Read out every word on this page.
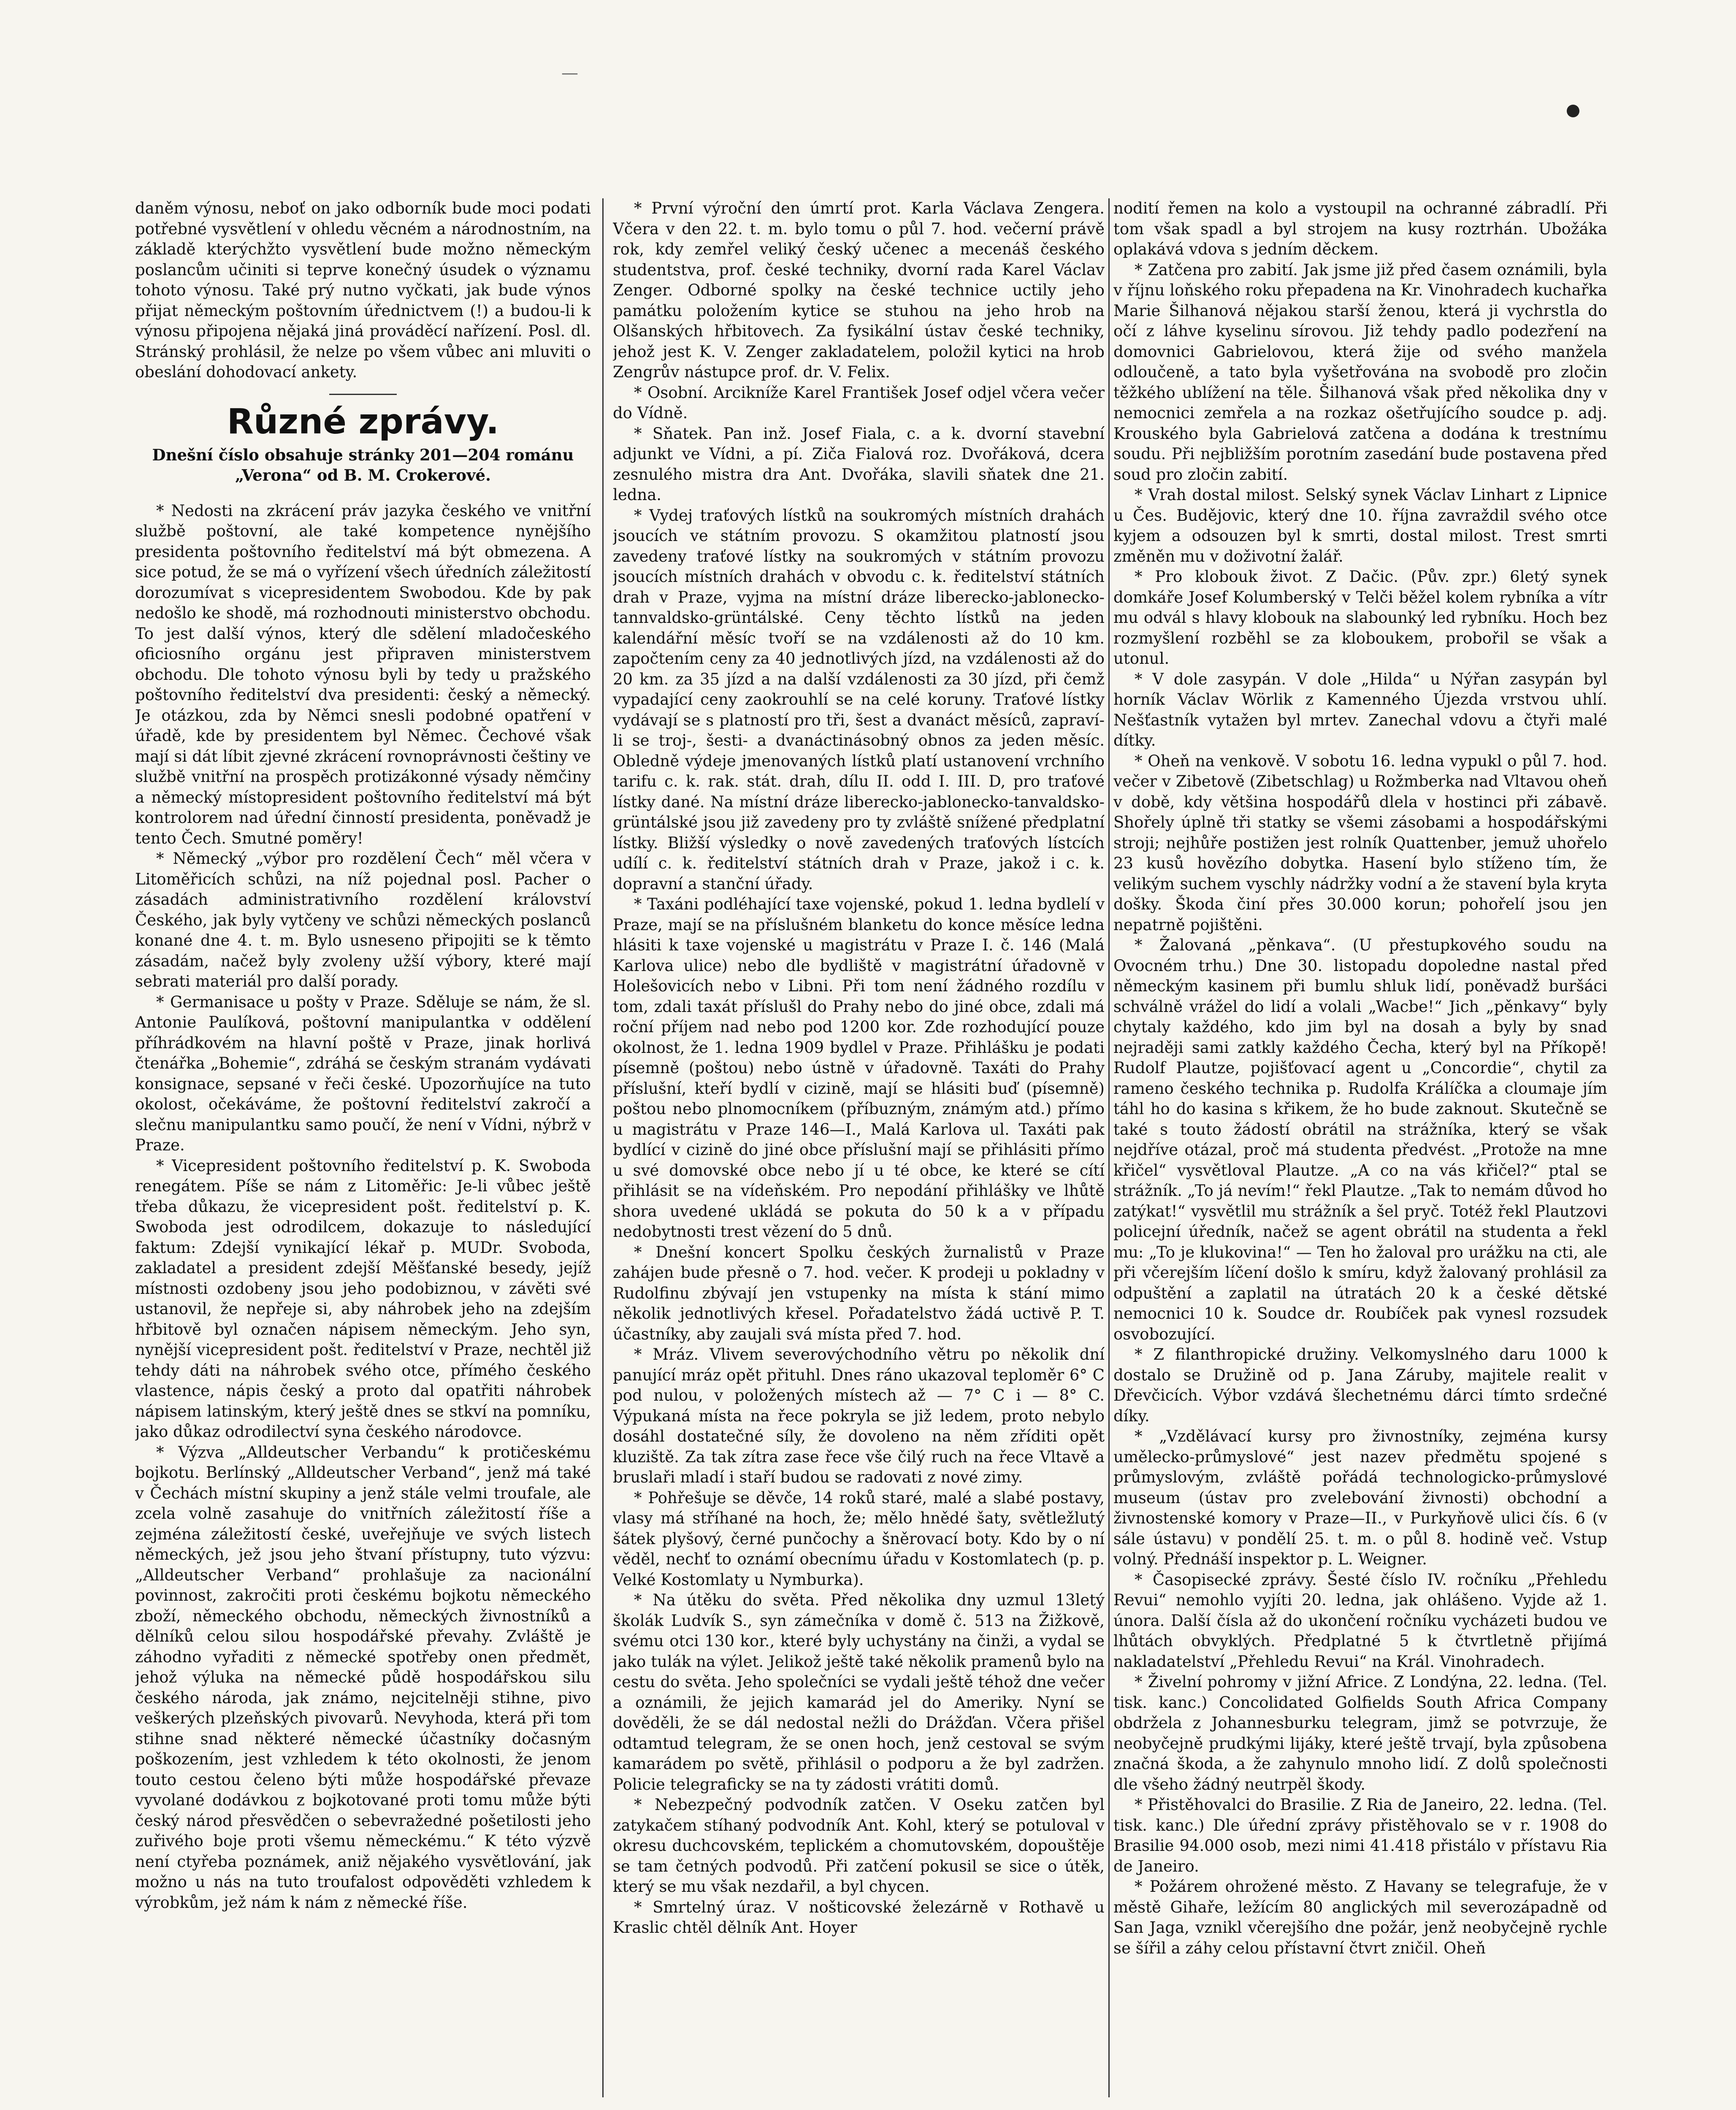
—

daněm výnosu, neboť on jako odborník bude moci podati potřebné vysvětlení v ohledu věcném a národnostním, na základě kterýchžto vysvětlení bude možno německým poslancům učiniti si teprve konečný úsudek o významu tohoto výnosu. Také prý nutno vyčkati, jak bude výnos přijat německým poštovním úřednictvem (!) a budou-li k výnosu připojena nějaká jiná prováděcí nařízení. Posl. dl. Stránský prohlásil, že nelze po všem vůbec ani mluviti o obeslání dohodovací ankety.

Různé zprávy.

Dnešní číslo obsahuje stránky 201—204 románu „Verona“ od B. M. Crokerové.

* Nedosti na zkrácení práv jazyka českého ve vnitřní službě poštovní, ale také kompetence nynějšího presidenta poštovního ředitelství má být obmezena. A sice potud, že se má o vyřízení všech úředních záležitostí dorozumívat s vicepresidentem Swobodou. Kde by pak nedošlo ke shodě, má rozhodnouti ministerstvo obchodu. To jest další výnos, který dle sdělení mladočeského oficiosního orgánu jest připraven ministerstvem obchodu. Dle tohoto výnosu byli by tedy u pražského poštovního ředitelství dva presidenti: český a německý. Je otázkou, zda by Němci snesli podobné opatření v úřadě, kde by presidentem byl Němec. Čechové však mají si dát líbit zjevné zkrácení rovnoprávnosti češtiny ve službě vnitřní na prospěch protizákonné výsady němčiny a německý místopresident poštovního ředitelství má být kontrolorem nad úřední činností presidenta, poněvadž je tento Čech. Smutné poměry!

* Německý „výbor pro rozdělení Čech“ měl včera v Litoměřicích schůzi, na níž pojednal posl. Pacher o zásadách administrativního rozdělení království Českého, jak byly vytčeny ve schůzi německých poslanců konané dne 4. t. m. Bylo usneseno připojiti se k těmto zásadám, načež byly zvoleny užší výbory, které mají sebrati materiál pro další porady.

* Germanisace u pošty v Praze. Sděluje se nám, že sl. Antonie Paulíková, poštovní manipulantka v oddělení příhrádkovém na hlavní poště v Praze, jinak horlivá čtenářka „Bohemie“, zdráhá se českým stranám vydávati konsignace, sepsané v řeči české. Upozorňujíce na tuto okolost, očekáváme, že poštovní ředitelství zakročí a slečnu manipulantku samo poučí, že není v Vídni, nýbrž v Praze.

* Vicepresident poštovního ředitelství p. K. Swoboda renegátem. Píše se nám z Litoměřic: Je-li vůbec ještě třeba důkazu, že vicepresident pošt. ředitelství p. K. Swoboda jest odrodilcem, dokazuje to následující faktum: Zdejší vynikající lékař p. MUDr. Svoboda, zakladatel a president zdejší Měšťanské besedy, jejíž místnosti ozdobeny jsou jeho podobiznou, v závěti své ustanovil, že nepřeje si, aby náhrobek jeho na zdejším hřbitově byl označen nápisem německým. Jeho syn, nynější vicepresident pošt. ředitelství v Praze, nechtěl již tehdy dáti na náhrobek svého otce, přímého českého vlastence, nápis český a proto dal opatřiti náhrobek nápisem latinským, který ještě dnes se stkví na pomníku, jako důkaz odrodilectví syna českého národovce.

* Výzva „Alldeutscher Verbandu“ k protičeskému bojkotu. Berlínský „Alldeutscher Verband“, jenž má také v Čechách místní skupiny a jenž stále velmi troufale, ale zcela volně zasahuje do vnitřních záležitostí říše a zejména záležitostí české, uveřejňuje ve svých listech německých, jež jsou jeho štvaní přístupny, tuto výzvu: „Alldeutscher Verband“ prohlašuje za nacionální povinnost, zakročiti proti českému bojkotu německého zboží, německého obchodu, německých živnostníků a dělníků celou silou hospodářské převahy. Zvláště je záhodno vyřaditi z německé spotřeby onen předmět, jehož výluka na německé půdě hospodářskou silu českého národa, jak známo, nejcitelněji stihne, pivo veškerých plzeňských pivovarů. Nevyhoda, která při tom stihne snad některé německé účastníky dočasným poškozením, jest vzhledem k této okolnosti, že jenom touto cestou čeleno býti může hospodářské převaze vyvolané dodávkou z bojkotované proti tomu může býti český národ přesvědčen o sebevražedné pošetilosti jeho zuřivého boje proti všemu německému.“ K této výzvě není ctyřeba poznámek, aniž nějakého vysvětlování, jak možno u nás na tuto troufalost odpověděti vzhledem k výrobkům, jež nám k nám z německé říše.

* První výroční den úmrtí prot. Karla Václava Zengera. Včera v den 22. t. m. bylo tomu o půl 7. hod. večerní právě rok, kdy zemřel veliký český učenec a mecenáš českého studentstva, prof. české techniky, dvorní rada Karel Václav Zenger. Odborné spolky na české technice uctily jeho památku položením kytice se stuhou na jeho hrob na Olšanských hřbitovech. Za fysikální ústav české techniky, jehož jest K. V. Zenger zakladatelem, položil kytici na hrob Zengrův nástupce prof. dr. V. Felix.

* Osobní. Arcikníže Karel František Josef odjel včera večer do Vídně.

* Sňatek. Pan inž. Josef Fiala, c. a k. dvorní stavební adjunkt ve Vídni, a pí. Ziča Fialová roz. Dvořáková, dcera zesnulého mistra dra Ant. Dvořáka, slavili sňatek dne 21. ledna.

* Vydej traťových lístků na soukromých místních drahách jsoucích ve státním provozu. S okamžitou platností jsou zavedeny traťové lístky na soukromých v státním provozu jsoucích místních drahách v obvodu c. k. ředitelství státních drah v Praze, vyjma na místní dráze liberecko-jablonecko-tannvaldsko-grüntálské. Ceny těchto lístků na jeden kalendářní měsíc tvoří se na vzdálenosti až do 10 km. započtením ceny za 40 jednotlivých jízd, na vzdálenosti až do 20 km. za 35 jízd a na další vzdálenosti za 30 jízd, při čemž vypadající ceny zaokrouhlí se na celé koruny. Traťové lístky vydávají se s platností pro tři, šest a dvanáct měsíců, zapraví-li se troj-, šesti- a dvanáctinásobný obnos za jeden měsíc. Obledně výdeje jmenovaných lístků platí ustanovení vrchního tarifu c. k. rak. stát. drah, dílu II. odd I. III. D, pro traťové lístky dané. Na místní dráze liberecko-jablonecko-tanvaldsko-grüntálské jsou již zavedeny pro ty zvláště snížené předplatní lístky. Bližší výsledky o nově zavedených traťových lístcích udílí c. k. ředitelství státních drah v Praze, jakož i c. k. dopravní a stanční úřady.

* Taxáni podléhající taxe vojenské, pokud 1. ledna bydlelí v Praze, mají se na příslušném blanketu do konce měsíce ledna hlásiti k taxe vojenské u magistrátu v Praze I. č. 146 (Malá Karlova ulice) nebo dle bydliště v magistrátní úřadovně v Holešovicích nebo v Libni. Při tom není žádného rozdílu v tom, zdali taxát příslušl do Prahy nebo do jiné obce, zdali má roční příjem nad nebo pod 1200 kor. Zde rozhodující pouze okolnost, že 1. ledna 1909 bydlel v Praze. Přihlášku je podati písemně (poštou) nebo ústně v úřadovně. Taxáti do Prahy příslušní, kteří bydlí v cizině, mají se hlásiti buď (písemně) poštou nebo plnomocníkem (příbuzným, známým atd.) přímo u magistrátu v Praze 146—I., Malá Karlova ul. Taxáti pak bydlící v cizině do jiné obce příslušní mají se přihlásiti přímo u své domovské obce nebo jí u té obce, ke které se cítí přihlásit se na vídeňském. Pro nepodání přihlášky ve lhůtě shora uvedené ukládá se pokuta do 50 k a v případu nedobytnosti trest vězení do 5 dnů.

* Dnešní koncert Spolku českých žurnalistů v Praze zahájen bude přesně o 7. hod. večer. K prodeji u pokladny v Rudolfinu zbývají jen vstupenky na místa k stání mimo několik jednotlivých křesel. Pořadatelstvo žádá uctivě P. T. účastníky, aby zaujali svá místa před 7. hod.

* Mráz. Vlivem severovýchodního větru po několik dní panující mráz opět přituhl. Dnes ráno ukazoval teploměr 6° C pod nulou, v položených místech až — 7° C i — 8° C. Výpukaná místa na řece pokryla se již ledem, proto nebylo dosáhl dostatečné síly, že dovoleno na něm zříditi opět kluziště. Za tak zítra zase řece vše čilý ruch na řece Vltavě a bruslaři mladí i staří budou se radovati z nové zimy.

* Pohřešuje se děvče, 14 roků staré, malé a slabé postavy, vlasy má stříhané na hoch, že; mělo hnědé šaty, světležlutý šátek plyšový, černé punčochy a šněrovací boty. Kdo by o ní věděl, nechť to oznámí obecnímu úřadu v Kostomlatech (p. p. Velké Kostomlaty u Nymburka).

* Na útěku do světa. Před několika dny uzmul 13letý školák Ludvík S., syn zámečníka v domě č. 513 na Žižkově, svému otci 130 kor., které byly uchystány na činži, a vydal se jako tulák na výlet. Jelikož ještě také několik pramenů bylo na cestu do světa. Jeho společníci se vydali ještě téhož dne večer a oznámili, že jejich kamarád jel do Ameriky. Nyní se dověděli, že se dál nedostal nežli do Drážďan. Včera přišel odtamtud telegram, že se onen hoch, jenž cestoval se svým kamarádem po světě, přihlásil o podporu a že byl zadržen. Policie telegraficky se na ty zádosti vrátiti domů.

* Nebezpečný podvodník zatčen. V Oseku zatčen byl zatykačem stíhaný podvodník Ant. Kohl, který se potuloval v okresu duchcovském, teplickém a chomutovském, dopouštěje se tam četných podvodů. Při zatčení pokusil se sice o útěk, který se mu však nezdařil, a byl chycen.

* Smrtelný úraz. V nošticovské železárně v Rothavě u Kraslic chtěl dělník Ant. Hoyer

nodití řemen na kolo a vystoupil na ochranné zábradlí. Při tom však spadl a byl strojem na kusy roztrhán. Ubožáka oplakává vdova s jedním děckem.

* Zatčena pro zabití. Jak jsme již před časem oznámili, byla v říjnu loňského roku přepadena na Kr. Vinohradech kuchařka Marie Šilhanová nějakou starší ženou, která ji vychrstla do očí z láhve kyselinu sírovou. Již tehdy padlo podezření na domovnici Gabrielovou, která žije od svého manžela odloučeně, a tato byla vyšetřována na svobodě pro zločin těžkého ublížení na těle. Šilhanová však před několika dny v nemocnici zemřela a na rozkaz ošetřujícího soudce p. adj. Krouského byla Gabrielová zatčena a dodána k trestnímu soudu. Při nejbližším porotním zasedání bude postavena před soud pro zločin zabití.

* Vrah dostal milost. Selský synek Václav Linhart z Lipnice u Čes. Budějovic, který dne 10. října zavraždil svého otce kyjem a odsouzen byl k smrti, dostal milost. Trest smrti změněn mu v doživotní žalář.

* Pro klobouk život. Z Dačic. (Pův. zpr.) 6letý synek domkáře Josef Kolumberský v Telči běžel kolem rybníka a vítr mu odvál s hlavy klobouk na slabounký led rybníku. Hoch bez rozmyšlení rozběhl se za kloboukem, probořil se však a utonul.

* V dole zasypán. V dole „Hilda“ u Nýřan zasypán byl horník Václav Wörlik z Kamenného Újezda vrstvou uhlí. Nešťastník vytažen byl mrtev. Zanechal vdovu a čtyři malé dítky.

* Oheň na venkově. V sobotu 16. ledna vypukl o půl 7. hod. večer v Zibetově (Zibetschlag) u Rožmberka nad Vltavou oheň v době, kdy většina hospodářů dlela v hostinci při zábavě. Shořely úplně tři statky se všemi zásobami a hospodářskými stroji; nejhůře postižen jest rolník Quattenber, jemuž uhořelo 23 kusů hovězího dobytka. Hasení bylo stíženo tím, že velikým suchem vyschly nádržky vodní a že stavení byla kryta došky. Škoda činí přes 30.000 korun; pohořelí jsou jen nepatrně pojištěni.

* Žalovaná „pěnkava“. (U přestupkového soudu na Ovocném trhu.) Dne 30. listopadu dopoledne nastal před německým kasinem při bumlu shluk lidí, poněvadž buršáci schválně vrážel do lidí a volali „Wacbe!“ Jich „pěnkavy“ byly chytaly každého, kdo jim byl na dosah a byly by snad nejraději sami zatkly každého Čecha, který byl na Příkopě! Rudolf Plautze, pojišťovací agent u „Concordie“, chytil za rameno českého technika p. Rudolfa Králíčka a cloumaje jím táhl ho do kasina s křikem, že ho bude zaknout. Skutečně se také s touto žádostí obrátil na strážníka, který se však nejdříve otázal, proč má studenta předvést. „Protože na mne křičel“ vysvětloval Plautze. „A co na vás křičel?“ ptal se strážník. „To já nevím!“ řekl Plautze. „Tak to nemám důvod ho zatýkat!“ vysvětlil mu strážník a šel pryč. Totéž řekl Plautzovi policejní úředník, načež se agent obrátil na studenta a řekl mu: „To je klukovina!“ — Ten ho žaloval pro urážku na cti, ale při včerejším líčení došlo k smíru, když žalovaný prohlásil za odpuštění a zaplatil na útratách 20 k a české dětské nemocnici 10 k. Soudce dr. Roubíček pak vynesl rozsudek osvobozující.

* Z filanthropické družiny. Velkomyslného daru 1000 k dostalo se Družině od p. Jana Záruby, majitele realit v Dřevčicích. Výbor vzdává šlechetnému dárci tímto srdečné díky.

* „Vzdělávací kursy pro živnostníky, zejména kursy umělecko-průmyslové“ jest nazev předmětu spojené s průmyslovým, zvláště pořádá technologicko-průmyslové museum (ústav pro zvelebování živnosti) obchodní a živnostenské komory v Praze—II., v Purkyňově ulici čís. 6 (v sále ústavu) v pondělí 25. t. m. o půl 8. hodině več. Vstup volný. Přednáší inspektor p. L. Weigner.

* Časopisecké zprávy. Šesté číslo IV. ročníku „Přehledu Revui“ nemohlo vyjíti 20. ledna, jak ohlášeno. Vyjde až 1. února. Další čísla až do ukončení ročníku vycházeti budou ve lhůtách obvyklých. Předplatné 5 k čtvrtletně přijímá nakladatelství „Přehledu Revui“ na Král. Vinohradech.

* Živelní pohromy v jižní Africe. Z Londýna, 22. ledna. (Tel. tisk. kanc.) Concolidated Golfields South Africa Company obdržela z Johannesburku telegram, jimž se potvrzuje, že neobyčejně prudkými lijáky, které ještě trvají, byla způsobena značná škoda, a že zahynulo mnoho lidí. Z dolů společnosti dle všeho žádný neutrpěl škody.

* Přistěhovalci do Brasilie. Z Ria de Janeiro, 22. ledna. (Tel. tisk. kanc.) Dle úřední zprávy přistěhovalo se v r. 1908 do Brasilie 94.000 osob, mezi nimi 41.418 přistálo v přístavu Ria de Janeiro.

* Požárem ohrožené město. Z Havany se telegrafuje, že v městě Gihaře, ležícím 80 anglických mil severozápadně od San Jaga, vznikl včerejšího dne požár, jenž neobyčejně rychle se šířil a záhy celou přístavní čtvrt zničil. Oheň
